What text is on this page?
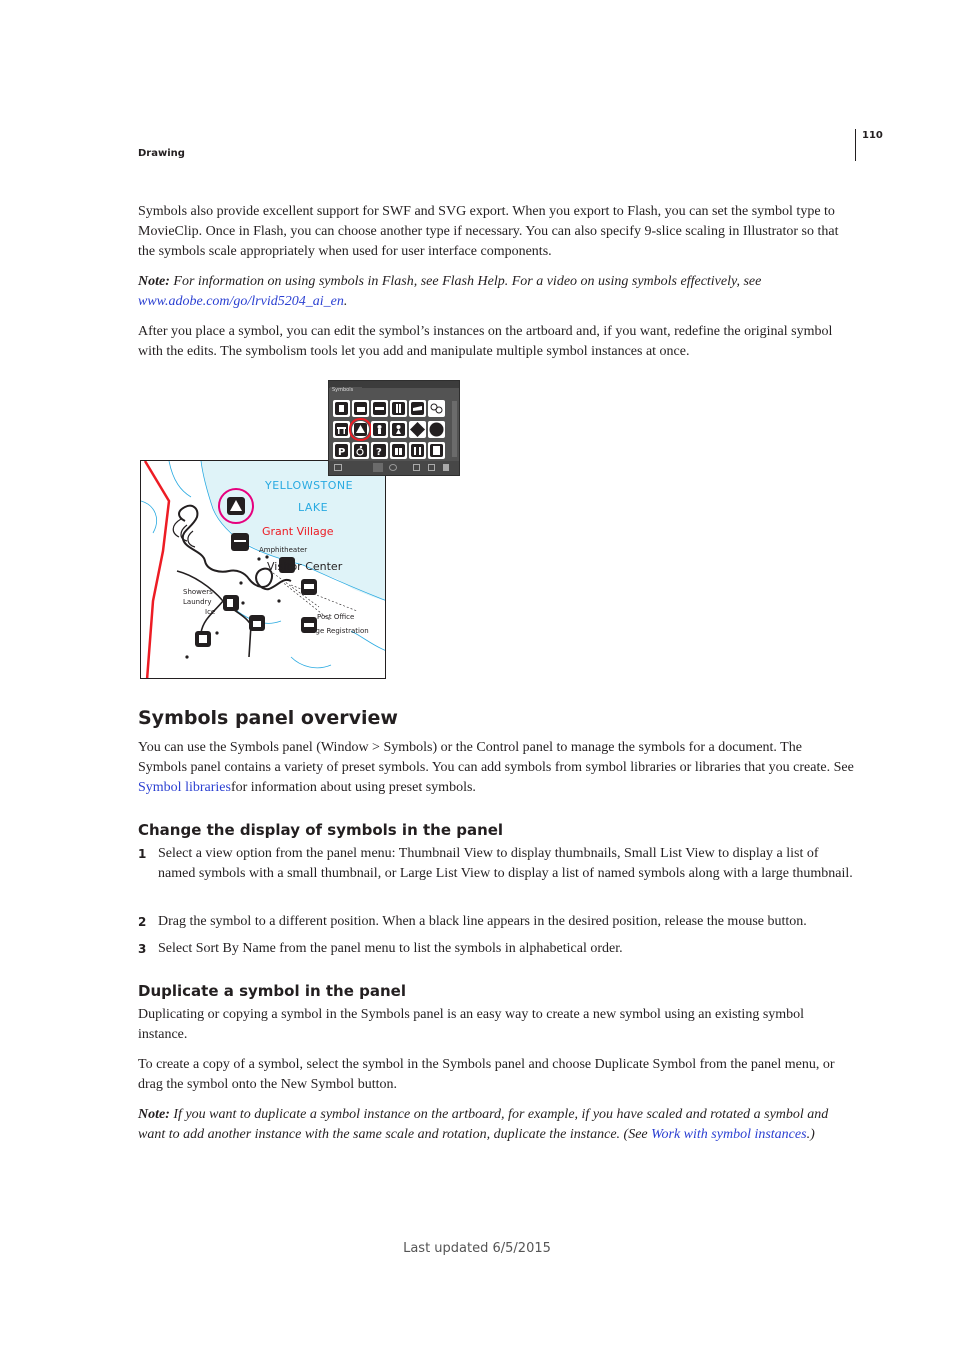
Drawing
110

Symbols also provide excellent support for SWF and SVG export. When you export to Flash, you can set the symbol type to MovieClip. Once in Flash, you can choose another type if necessary. You can also specify 9-slice scaling in Illustrator so that the symbols scale appropriately when used for user interface components.

Note: For information on using symbols in Flash, see Flash Help. For a video on using symbols effectively, see www.adobe.com/go/lrvid5204_ai_en.

After you place a symbol, you can edit the symbol’s instances on the artboard and, if you want, redefine the original symbol with the edits. The symbolism tools let you add and manipulate multiple symbol instances at once.

YELLOWSTONE
LAKE
Grant Village
Amphitheater
Visitor Center
Showers
Laundry
Ice
Post Office
Lodge Registration
Symbols
P	?
Symbols panel overview

You can use the Symbols panel (Window > Symbols) or the Control panel to manage the symbols for a document. The Symbols panel contains a variety of preset symbols. You can add symbols from symbol libraries or libraries that you create. See Symbol librariesfor information about using preset symbols.

Change the display of symbols in the panel
1 Select a view option from the panel menu: Thumbnail View to display thumbnails, Small List View to display a list of named symbols with a small thumbnail, or Large List View to display a list of named symbols along with a large thumbnail.
2 Drag the symbol to a different position. When a black line appears in the desired position, release the mouse button.
3 Select Sort By Name from the panel menu to list the symbols in alphabetical order.
Duplicate a symbol in the panel

Duplicating or copying a symbol in the Symbols panel is an easy way to create a new symbol using an existing symbol instance.

To create a copy of a symbol, select the symbol in the Symbols panel and choose Duplicate Symbol from the panel menu, or drag the symbol onto the New Symbol button.

Note: If you want to duplicate a symbol instance on the artboard, for example, if you have scaled and rotated a symbol and want to add another instance with the same scale and rotation, duplicate the instance. (See Work with symbol instances.)

Last updated 6/5/2015
